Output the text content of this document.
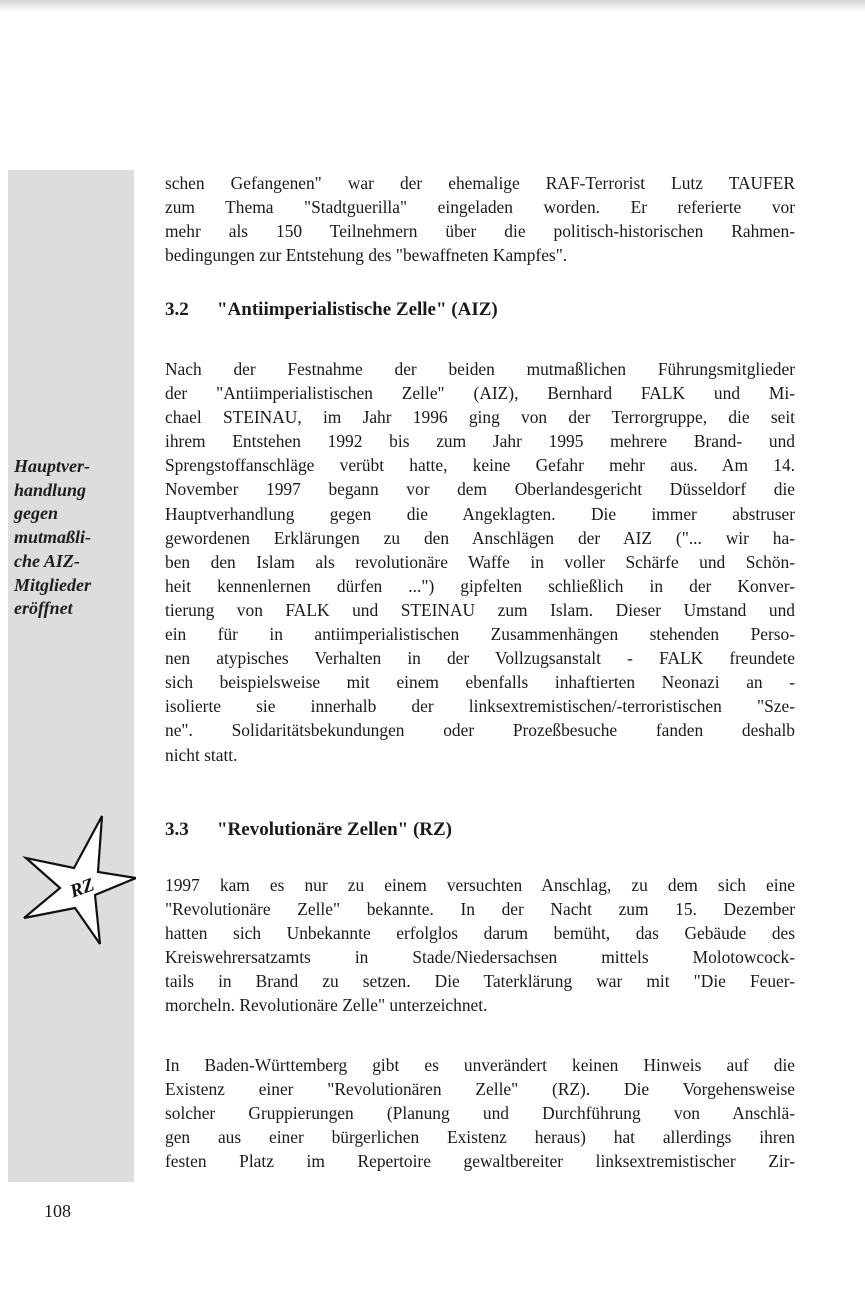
Hauptver-
handlung
gegen
mutmaßli-
che AIZ-
Mitglieder
eröffnet

RZ

schen Gefangenen" war der ehemalige RAF-Terrorist Lutz TAUFER
zum Thema "Stadtguerilla" eingeladen worden. Er referierte vor
mehr als 150 Teilnehmern über die politisch-historischen Rahmen-
bedingungen zur Entstehung des "bewaffneten Kampfes".

3.2 "Antiimperialistische Zelle" (AIZ)

Nach der Festnahme der beiden mutmaßlichen Führungsmitglieder
der "Antiimperialistischen Zelle" (AIZ), Bernhard FALK und Mi-
chael STEINAU, im Jahr 1996 ging von der Terrorgruppe, die seit
ihrem Entstehen 1992 bis zum Jahr 1995 mehrere Brand- und
Sprengstoffanschläge verübt hatte, keine Gefahr mehr aus. Am 14.
November 1997 begann vor dem Oberlandesgericht Düsseldorf die
Hauptverhandlung gegen die Angeklagten. Die immer abstruser
gewordenen Erklärungen zu den Anschlägen der AIZ ("... wir ha-
ben den Islam als revolutionäre Waffe in voller Schärfe und Schön-
heit kennenlernen dürfen ...") gipfelten schließlich in der Konver-
tierung von FALK und STEINAU zum Islam. Dieser Umstand und
ein für in antiimperialistischen Zusammenhängen stehenden Perso-
nen atypisches Verhalten in der Vollzugsanstalt - FALK freundete
sich beispielsweise mit einem ebenfalls inhaftierten Neonazi an -
isolierte sie innerhalb der linksextremistischen/-terroristischen "Sze-
ne". Solidaritätsbekundungen oder Prozeßbesuche fanden deshalb
nicht statt.

3.3 "Revolutionäre Zellen" (RZ)

1997 kam es nur zu einem versuchten Anschlag, zu dem sich eine
"Revolutionäre Zelle" bekannte. In der Nacht zum 15. Dezember
hatten sich Unbekannte erfolglos darum bemüht, das Gebäude des
Kreiswehrersatzamts in Stade/Niedersachsen mittels Molotowcock-
tails in Brand zu setzen. Die Taterklärung war mit "Die Feuer-
morcheln. Revolutionäre Zelle" unterzeichnet.

In Baden-Württemberg gibt es unverändert keinen Hinweis auf die
Existenz einer "Revolutionären Zelle" (RZ). Die Vorgehensweise
solcher Gruppierungen (Planung und Durchführung von Anschlä-
gen aus einer bürgerlichen Existenz heraus) hat allerdings ihren
festen Platz im Repertoire gewaltbereiter linksextremistischer Zir-

108
